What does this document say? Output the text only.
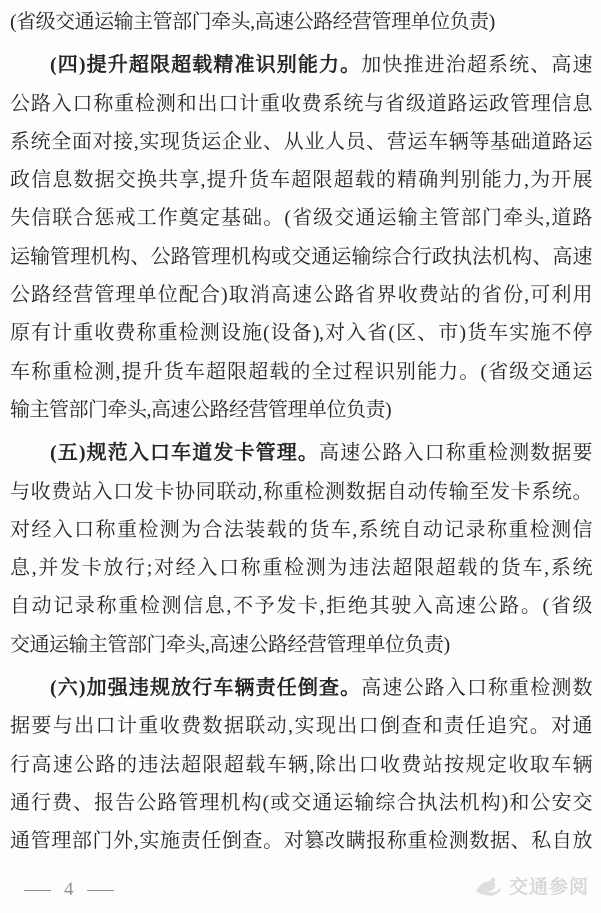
(省级交通运输主管部门牵头,高速公路经营管理单位负责)
(四)提升超限超载精准识别能力。加快推进治超系统、高速
公路入口称重检测和出口计重收费系统与省级道路运政管理信息
系统全面对接,实现货运企业、从业人员、营运车辆等基础道路运
政信息数据交换共享,提升货车超限超载的精确判别能力,为开展
失信联合惩戒工作奠定基础。(省级交通运输主管部门牵头,道路
运输管理机构、公路管理机构或交通运输综合行政执法机构、高速
公路经营管理单位配合)取消高速公路省界收费站的省份,可利用
原有计重收费称重检测设施(设备),对入省(区、市)货车实施不停
车称重检测,提升货车超限超载的全过程识别能力。(省级交通运
输主管部门牵头,高速公路经营管理单位负责)
(五)规范入口车道发卡管理。高速公路入口称重检测数据要
与收费站入口发卡协同联动,称重检测数据自动传输至发卡系统。
对经入口称重检测为合法装载的货车,系统自动记录称重检测信
息,并发卡放行;对经入口称重检测为违法超限超载的货车,系统
自动记录称重检测信息,不予发卡,拒绝其驶入高速公路。(省级
交通运输主管部门牵头,高速公路经营管理单位负责)
(六)加强违规放行车辆责任倒查。高速公路入口称重检测数
据要与出口计重收费数据联动,实现出口倒查和责任追究。对通
行高速公路的违法超限超载车辆,除出口收费站按规定收取车辆
通行费、报告公路管理机构(或交通运输综合执法机构)和公安交
通管理部门外,实施责任倒查。对篡改瞒报称重检测数据、私自放
— 4 —	交通参阅
